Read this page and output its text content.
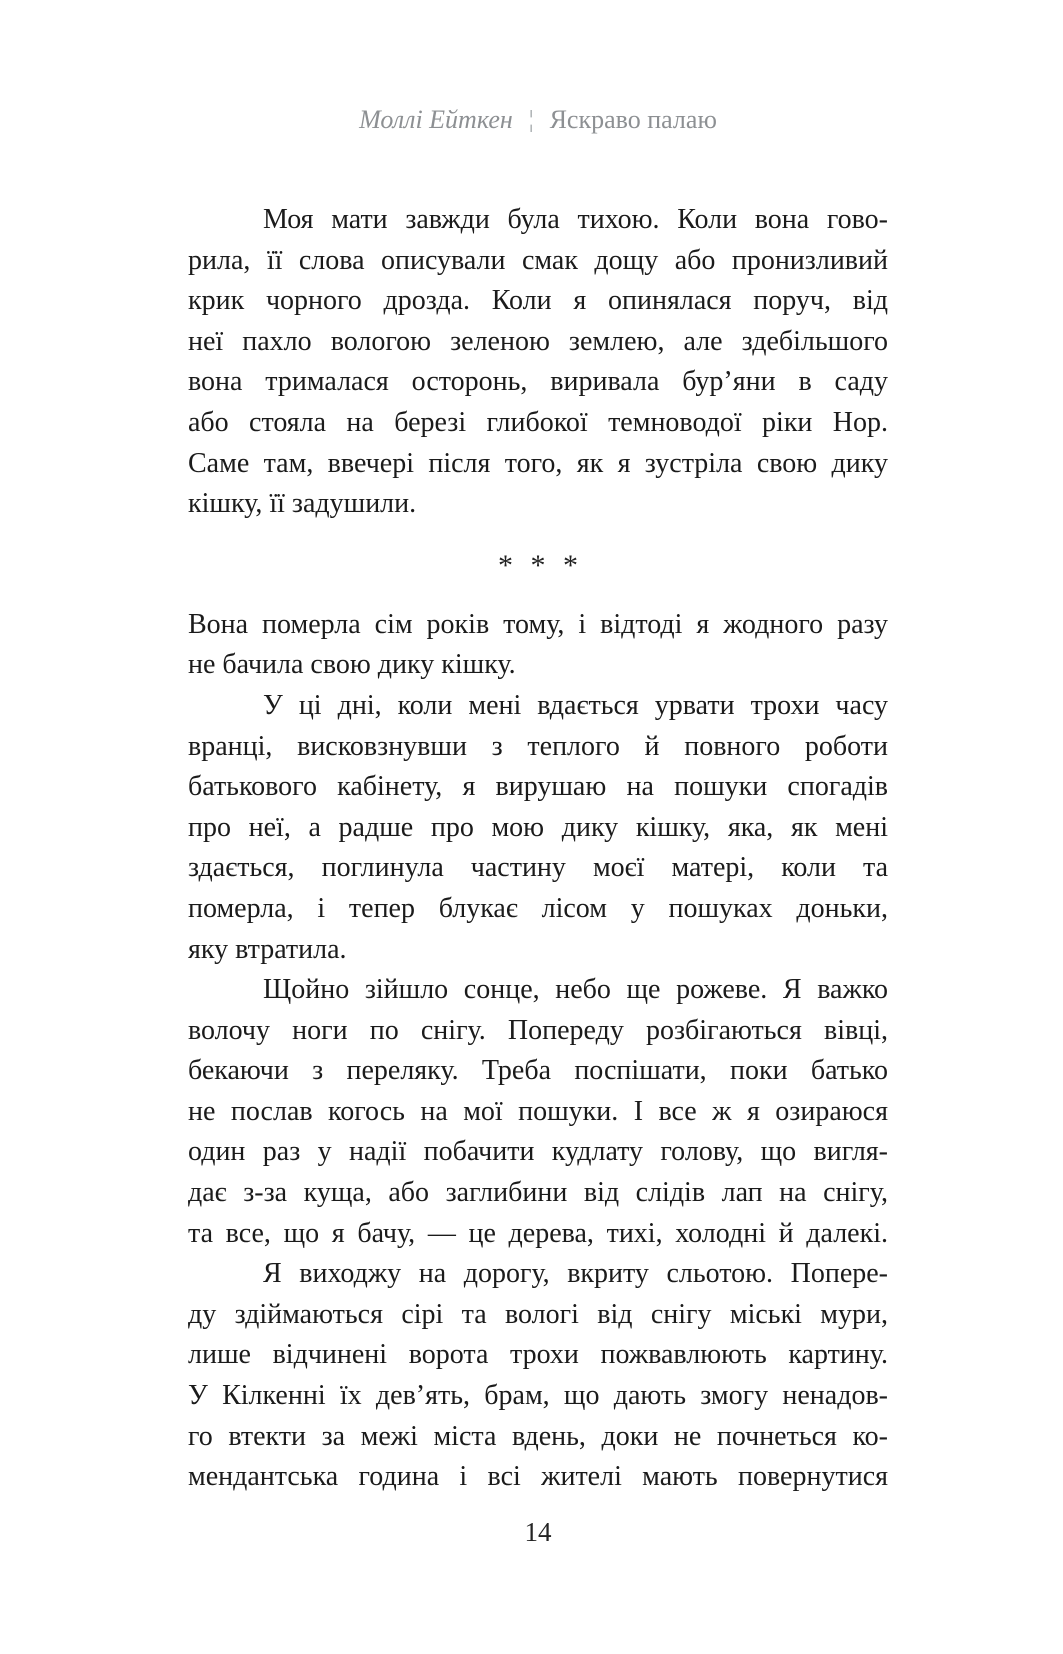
Моллі Ейткен ¦ Яскраво палаю
Моя мати завжди була тихою. Коли вона гово-
рила, її слова описували смак дощу або пронизливий
крик чорного дрозда. Коли я опинялася поруч, від
неї пахло вологою зеленою землею, але здебільшого
вона трималася осторонь, виривала бур’яни в саду
або стояла на березі глибокої темноводої ріки Нор.
Саме там, ввечері після того, як я зустріла свою дику
кішку, її задушили.
* * *
Вона померла сім років тому, і відтоді я жодного разу
не бачила свою дику кішку.
У ці дні, коли мені вдається урвати трохи часу
вранці, висковзнувши з теплого й повного роботи
батькового кабінету, я вирушаю на пошуки спогадів
про неї, а радше про мою дику кішку, яка, як мені
здається, поглинула частину моєї матері, коли та
померла, і тепер блукає лісом у пошуках доньки,
яку втратила.
Щойно зійшло сонце, небо ще рожеве. Я важко
волочу ноги по снігу. Попереду розбігаються вівці,
бекаючи з переляку. Треба поспішати, поки батько
не послав когось на мої пошуки. І все ж я озираюся
один раз у надії побачити кудлату голову, що вигля-
дає з-за куща, або заглибини від слідів лап на снігу,
та все, що я бачу, — це дерева, тихі, холодні й далекі.
Я виходжу на дорогу, вкриту сльотою. Попере-
ду здіймаються сірі та вологі від снігу міські мури,
лише відчинені ворота трохи пожвавлюють картину.
У Кілкенні їх дев’ять, брам, що дають змогу ненадов-
го втекти за межі міста вдень, доки не почнеться ко-
мендантська година і всі жителі мають повернутися
14
